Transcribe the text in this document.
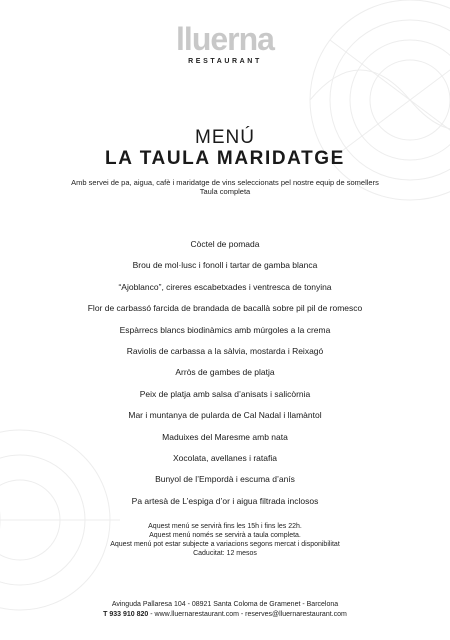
lluerna
RESTAURANT
MENÚ
LA TAULA MARIDATGE
Amb servei de pa, aigua, cafè i maridatge de vins seleccionats pel nostre equip de somellers
Taula completa
Còctel de pomada
Brou de mol·lusc i fonoll i tartar de gamba blanca
“Ajoblanco”, cireres escabetxades i ventresca de tonyina
Flor de carbassó farcida de brandada de bacallà sobre pil pil de romesco
Espàrrecs blancs biodinàmics amb múrgoles a la crema
Raviolis de carbassa a la sàlvia, mostarda i Reixagó
Arròs de gambes de platja
Peix de platja amb salsa d’anisats i salicòrnia
Mar i muntanya de pularda de Cal Nadal i llamàntol
Maduixes del Maresme amb nata
Xocolata, avellanes i ratafia
Bunyol de l’Empordà i escuma d’anís
Pa artesà de L’espiga d’or i aigua filtrada inclosos
Aquest menú se servirà fins les 15h i fins les 22h.
Aquest menú només se servirà a taula completa.
Aquest menú pot estar subjecte a variacions segons mercat i disponibilitat
Caducitat: 12 mesos
Avinguda Pallaresa 104 - 08921 Santa Coloma de Gramenet - Barcelona
T 933 910 820 - www.lluernarestaurant.com - reserves@lluernarestaurant.com
